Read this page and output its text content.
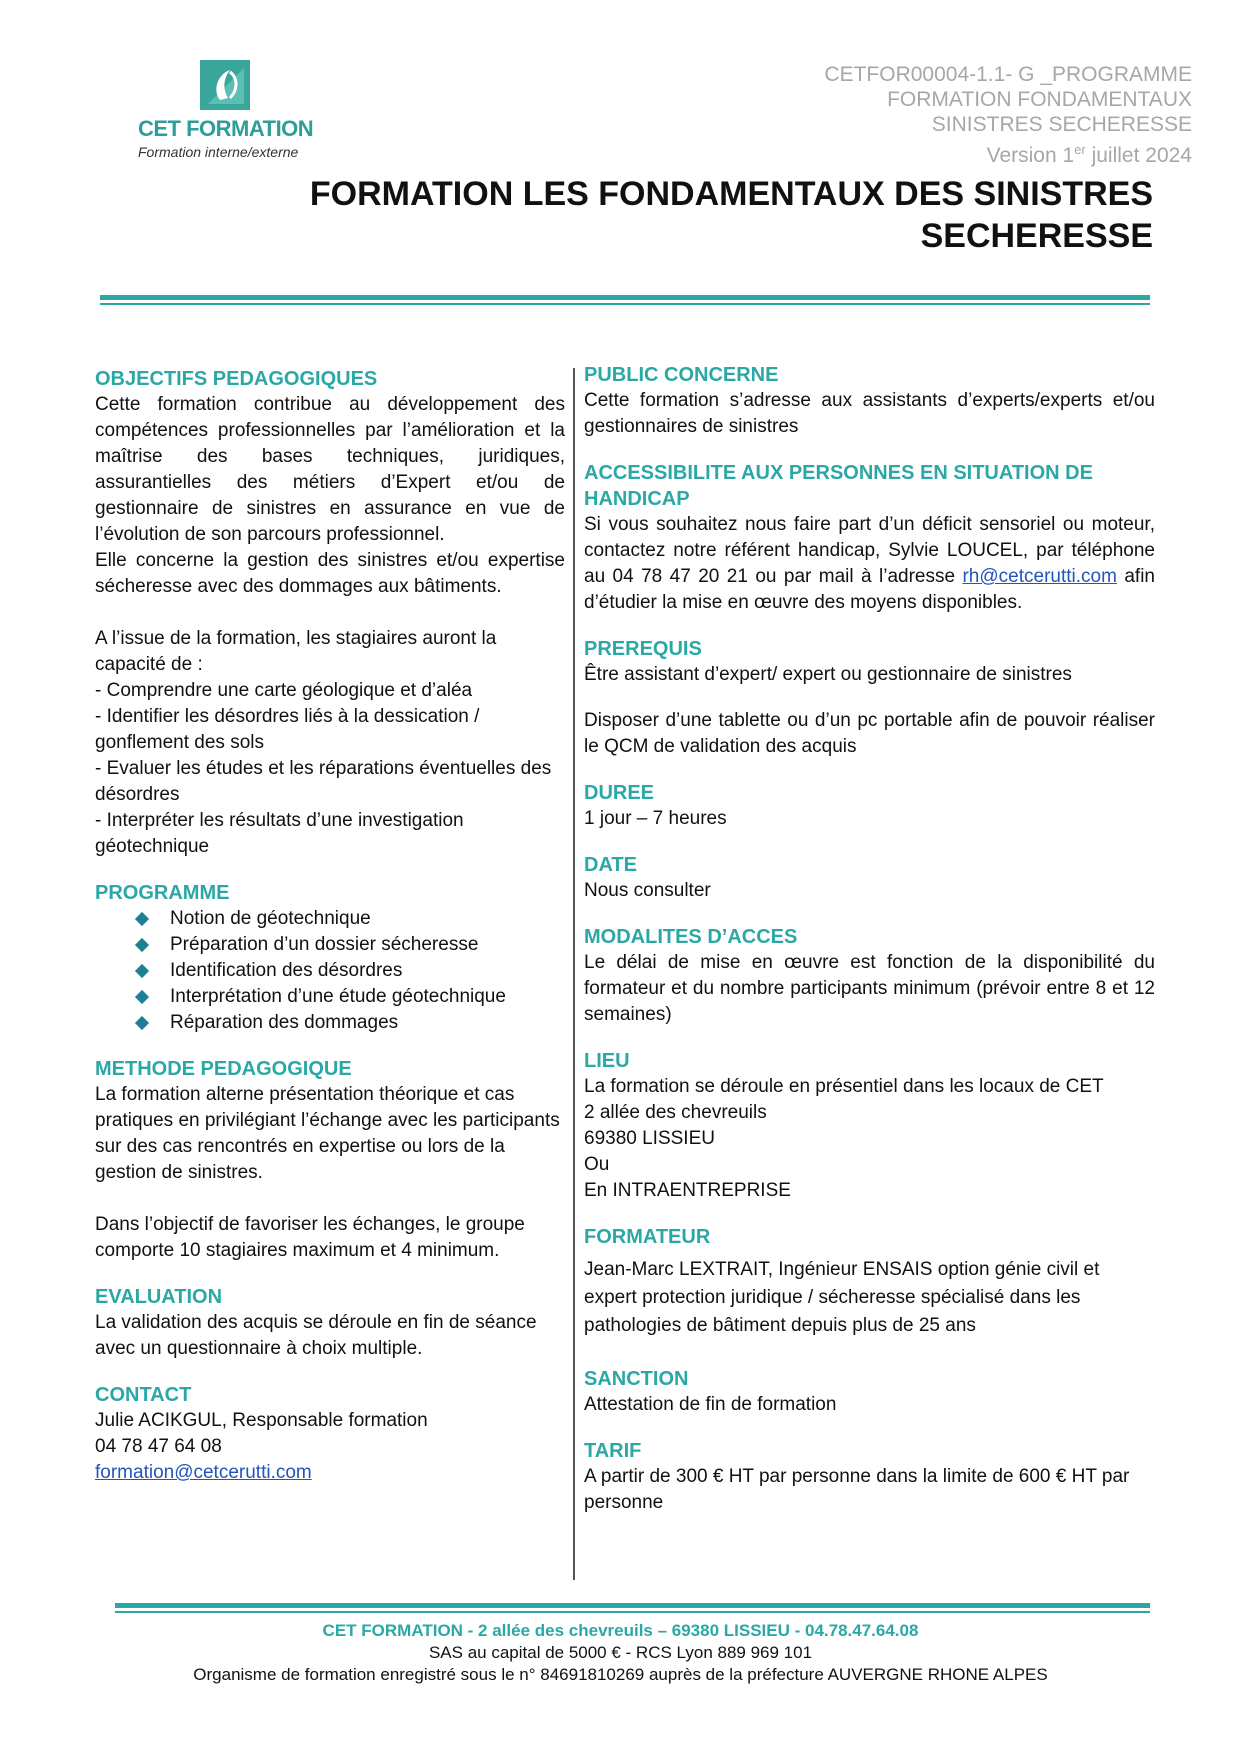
CET FORMATION
Formation interne/externe
CETFOR00004-1.1- G _PROGRAMME
FORMATION FONDAMENTAUX
SINISTRES SECHERESSE
Version 1er juillet 2024
FORMATION LES FONDAMENTAUX DES SINISTRES
SECHERESSE

OBJECTIFS PEDAGOGIQUES

Cette formation contribue au développement des compétences professionnelles par l’amélioration et la maîtrise des bases techniques, juridiques, assurantielles des métiers d’Expert et/ou de gestionnaire de sinistres en assurance en vue de l’évolution de son parcours professionnel.

Elle concerne la gestion des sinistres et/ou expertise sécheresse avec des dommages aux bâtiments.

A l’issue de la formation, les stagiaires auront la capacité de :

- Comprendre une carte géologique et d’aléa

- Identifier les désordres liés à la dessication / gonflement des sols

- Evaluer les études et les réparations éventuelles des désordres

- Interpréter les résultats d’une investigation géotechnique

PROGRAMME

Notion de géotechnique
Préparation d’un dossier sécheresse
Identification des désordres
Interprétation d’une étude géotechnique
Réparation des dommages

METHODE PEDAGOGIQUE

La formation alterne présentation théorique et cas pratiques en privilégiant l’échange avec les participants sur des cas rencontrés en expertise ou lors de la gestion de sinistres.

Dans l’objectif de favoriser les échanges, le groupe comporte 10 stagiaires maximum et 4 minimum.

EVALUATION

La validation des acquis se déroule en fin de séance avec un questionnaire à choix multiple.

CONTACT

Julie ACIKGUL, Responsable formation

04 78 47 64 08

formation@cetcerutti.com

PUBLIC CONCERNE

Cette formation s’adresse aux assistants d’experts/experts et/ou gestionnaires de sinistres

ACCESSIBILITE AUX PERSONNES EN SITUATION DE HANDICAP

Si vous souhaitez nous faire part d’un déficit sensoriel ou moteur, contactez notre référent handicap, Sylvie LOUCEL, par téléphone au 04 78 47 20 21 ou par mail à l’adresse rh@cetcerutti.com afin d’étudier la mise en œuvre des moyens disponibles.

PREREQUIS

Être assistant d’expert/ expert ou gestionnaire de sinistres

Disposer d’une tablette ou d’un pc portable afin de pouvoir réaliser le QCM de validation des acquis

DUREE

1 jour – 7 heures

DATE

Nous consulter

MODALITES D’ACCES

Le délai de mise en œuvre est fonction de la disponibilité du formateur et du nombre participants minimum (prévoir entre 8 et 12 semaines)

LIEU

La formation se déroule en présentiel dans les locaux de CET

2 allée des chevreuils

69380 LISSIEU

Ou

En INTRAENTREPRISE

FORMATEUR

Jean-Marc LEXTRAIT, Ingénieur ENSAIS option génie civil et expert protection juridique / sécheresse spécialisé dans les pathologies de bâtiment depuis plus de 25 ans

SANCTION

Attestation de fin de formation

TARIF

A partir de 300 € HT par personne dans la limite de 600 € HT par personne

CET FORMATION - 2 allée des chevreuils – 69380 LISSIEU - 04.78.47.64.08
SAS au capital de 5000 € - RCS Lyon 889 969 101
Organisme de formation enregistré sous le n° 84691810269 auprès de la préfecture AUVERGNE RHONE ALPES
